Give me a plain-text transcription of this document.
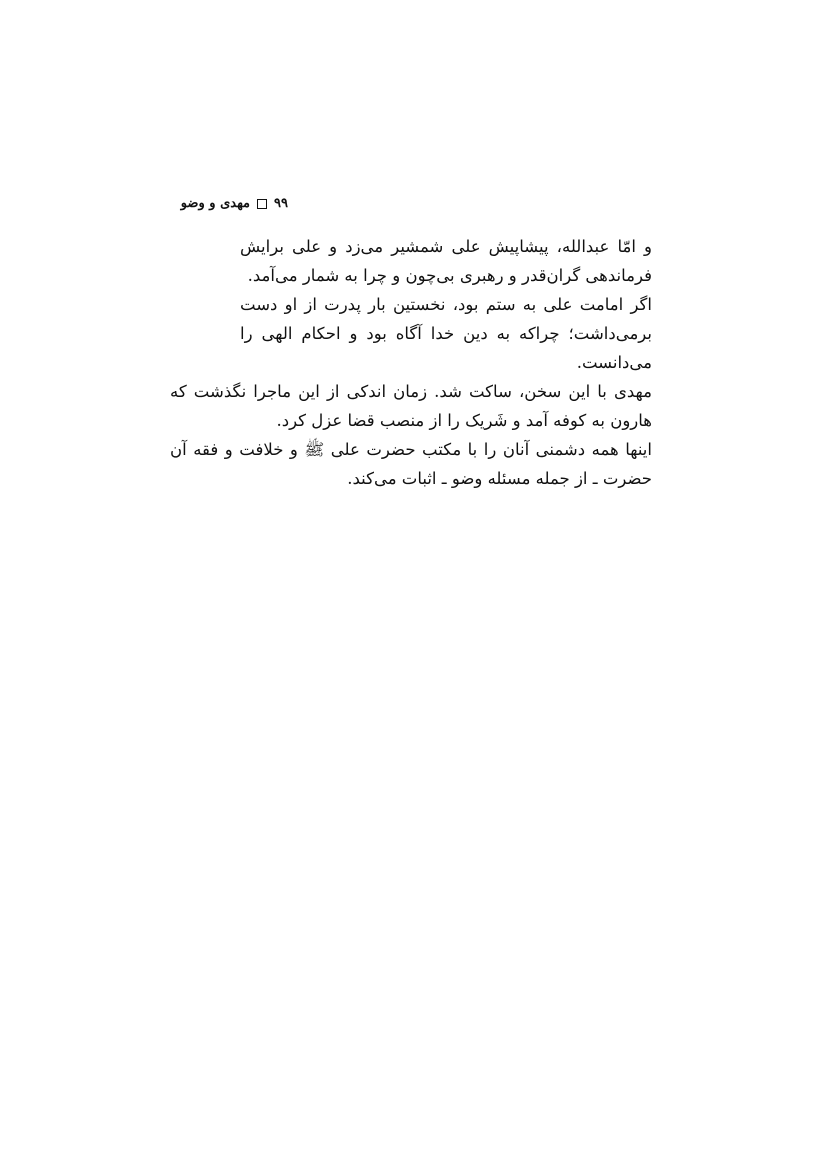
مهدی و وضو ۹۹

و امّا عبدالله، پیشاپیش علی شمشیر می‌زد و علی برایش فرماندهی گران‌قدر و رهبری بی‌چون و چرا به شمار می‌آمد.

اگر امامت علی به ستم بود، نخستین بار پدرت از او دست برمی‌داشت؛ چراکه به دین خدا آگاه بود و احکام الهی را می‌دانست.

مهدی با این سخن، ساکت شد. زمان اندکی از این ماجرا نگذشت که هارون به کوفه آمد و شَریک را از منصب قضا عزل کرد.

اینها همه دشمنی آنان را با مکتب حضرت علی ﷺ و خلافت و فقه آن حضرت ـ از جمله مسئله وضو ـ اثبات می‌کند.
